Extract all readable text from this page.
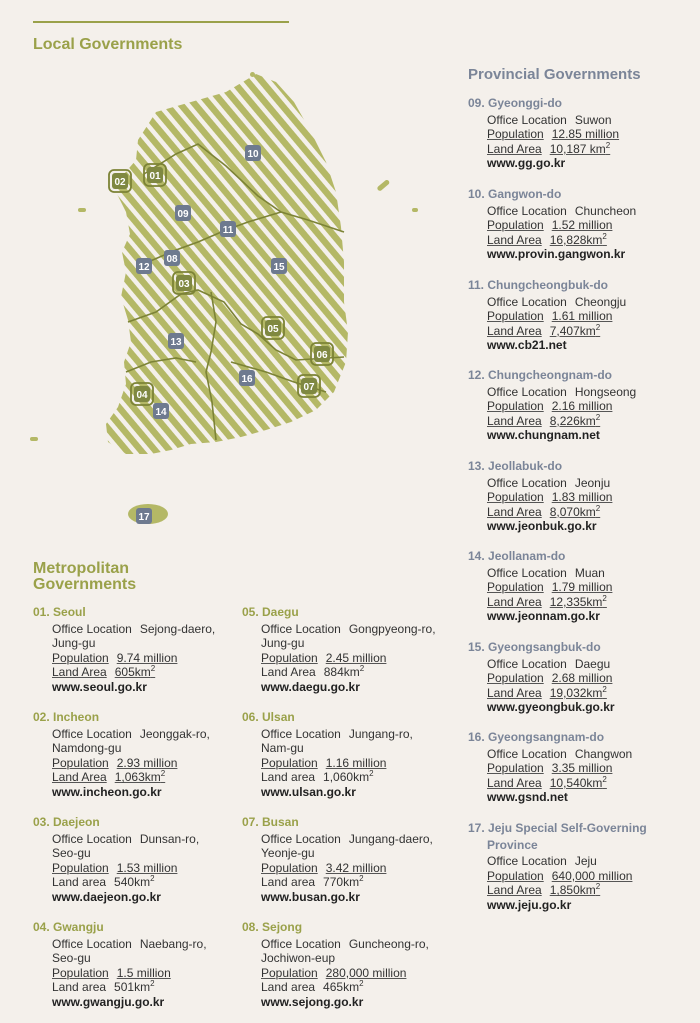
Local Governments
Provincial Governments
Metropolitan Governments
01
02
03
04
05
06
07
08
09
10
11
12
13
14
15
16
17
01. Seoul
Office Location Sejong-daero,
Jung-gu
Population 9.74 million
Land Area $605km^2$
www.seoul.go.kr
02. Incheon
Office Location Jeonggak-ro,
Namdong-gu
Population 2.93 million
Land Area $1,063km^2$
www.incheon.go.kr
03. Daejeon
Office Location Dunsan-ro,
Seo-gu
Population 1.53 million
Land area $540km^2$
www.daejeon.go.kr
04. Gwangju
Office Location Naebang-ro,
Seo-gu
Population 1.5 million
Land area $501km^2$
www.gwangju.go.kr
05. Daegu
Office Location Gongpyeong-ro,
Jung-gu
Population 2.45 million
Land Area $884km^2$
www.daegu.go.kr
06. Ulsan
Office Location Jungang-ro,
Nam-gu
Population 1.16 million
Land area $1,060km^2$
www.ulsan.go.kr
07. Busan
Office Location Jungang-daero,
Yeonje-gu
Population 3.42 million
Land area $770km^2$
www.busan.go.kr
08. Sejong
Office Location Guncheong-ro,
Jochiwon-eup
Population 280,000 million
Land area $465km^2$
www.sejong.go.kr
09. Gyeonggi-do
Office Location Suwon
Population 12.85 million
Land Area 10,187 $km^2$
www.gg.go.kr
10. Gangwon-do
Office Location Chuncheon
Population 1.52 million
Land Area $16,828km^2$
www.provin.gangwon.kr
11. Chungcheongbuk-do
Office Location Cheongju
Population 1.61 million
Land Area $7,407km^2$
www.cb21.net
12. Chungcheongnam-do
Office Location Hongseong
Population 2.16 million
Land Area $8,226km^2$
www.chungnam.net
13. Jeollabuk-do
Office Location Jeonju
Population 1.83 million
Land Area $8,070km^2$
www.jeonbuk.go.kr
14. Jeollanam-do
Office Location Muan
Population 1.79 million
Land Area $12,335km^2$
www.jeonnam.go.kr
15. Gyeongsangbuk-do
Office Location Daegu
Population 2.68 million
Land Area $19,032km^2$
www.gyeongbuk.go.kr
16. Gyeongsangnam-do
Office Location Changwon
Population 3.35 million
Land Area $10,540km^2$
www.gsnd.net
17. Jeju Special Self-Governing
Province
Office Location Jeju
Population 640,000 million
Land Area $1,850km^2$
www.jeju.go.kr
